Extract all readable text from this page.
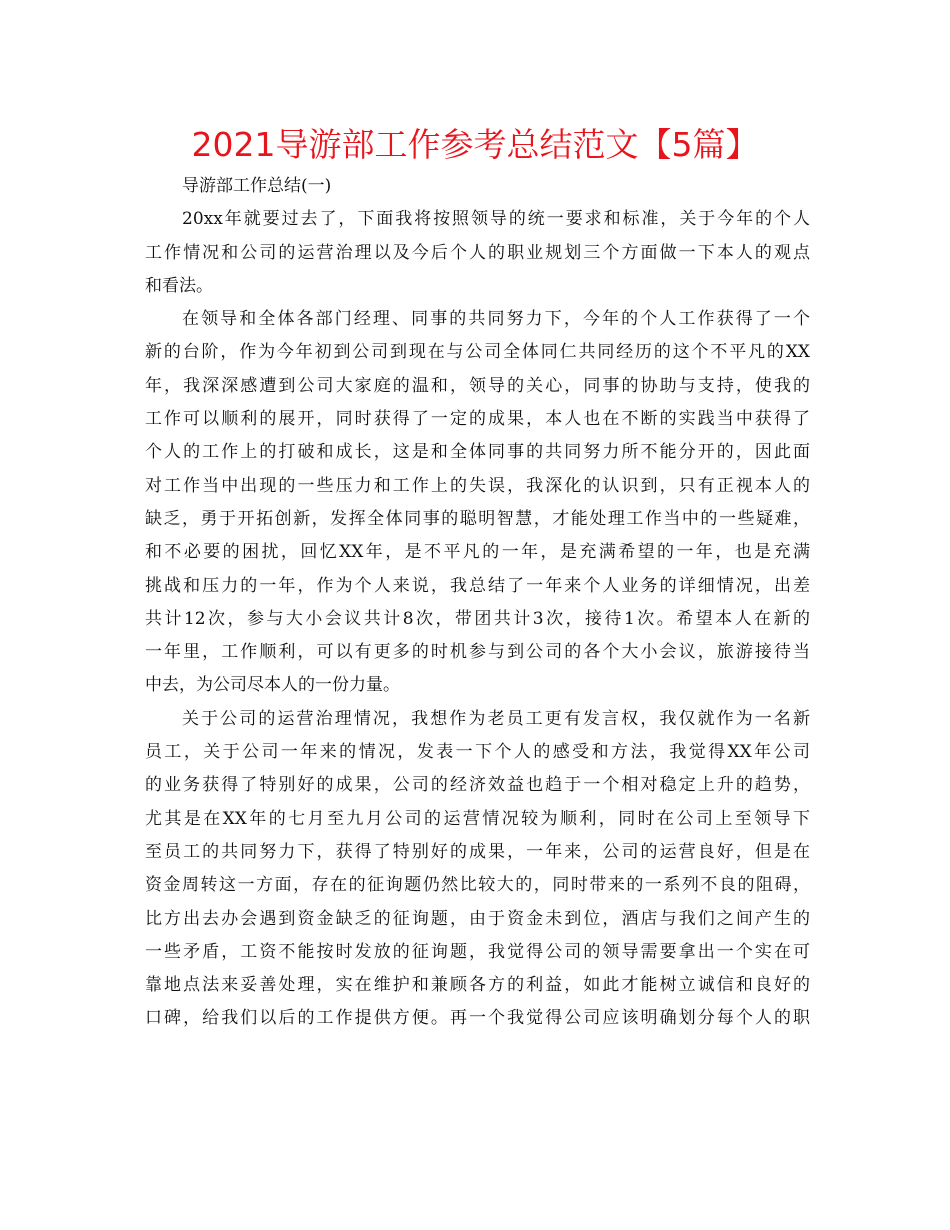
2021导游部工作参考总结范文【5篇】
导游部工作总结(一)
20xx年就要过去了，下面我将按照领导的统一要求和标准，关于今年的个人
工作情况和公司的运营治理以及今后个人的职业规划三个方面做一下本人的观点
和看法。
在领导和全体各部门经理、同事的共同努力下，今年的个人工作获得了一个
新的台阶，作为今年初到公司到现在与公司全体同仁共同经历的这个不平凡的XX
年，我深深感遭到公司大家庭的温和，领导的关心，同事的协助与支持，使我的
工作可以顺利的展开，同时获得了一定的成果，本人也在不断的实践当中获得了
个人的工作上的打破和成长，这是和全体同事的共同努力所不能分开的，因此面
对工作当中出现的一些压力和工作上的失误，我深化的认识到，只有正视本人的
缺乏，勇于开拓创新，发挥全体同事的聪明智慧，才能处理工作当中的一些疑难，
和不必要的困扰，回忆XX年，是不平凡的一年，是充满希望的一年，也是充满
挑战和压力的一年，作为个人来说，我总结了一年来个人业务的详细情况，出差
共计12次，参与大小会议共计8次，带团共计3次，接待1次。希望本人在新的
一年里，工作顺利，可以有更多的时机参与到公司的各个大小会议，旅游接待当
中去，为公司尽本人的一份力量。
关于公司的运营治理情况，我想作为老员工更有发言权，我仅就作为一名新
员工，关于公司一年来的情况，发表一下个人的感受和方法，我觉得XX年公司
的业务获得了特别好的成果，公司的经济效益也趋于一个相对稳定上升的趋势，
尤其是在XX年的七月至九月公司的运营情况较为顺利，同时在公司上至领导下
至员工的共同努力下，获得了特别好的成果，一年来，公司的运营良好，但是在
资金周转这一方面，存在的征询题仍然比较大的，同时带来的一系列不良的阻碍，
比方出去办会遇到资金缺乏的征询题，由于资金未到位，酒店与我们之间产生的
一些矛盾，工资不能按时发放的征询题，我觉得公司的领导需要拿出一个实在可
靠地点法来妥善处理，实在维护和兼顾各方的利益，如此才能树立诚信和良好的
口碑，给我们以后的工作提供方便。再一个我觉得公司应该明确划分每个人的职
